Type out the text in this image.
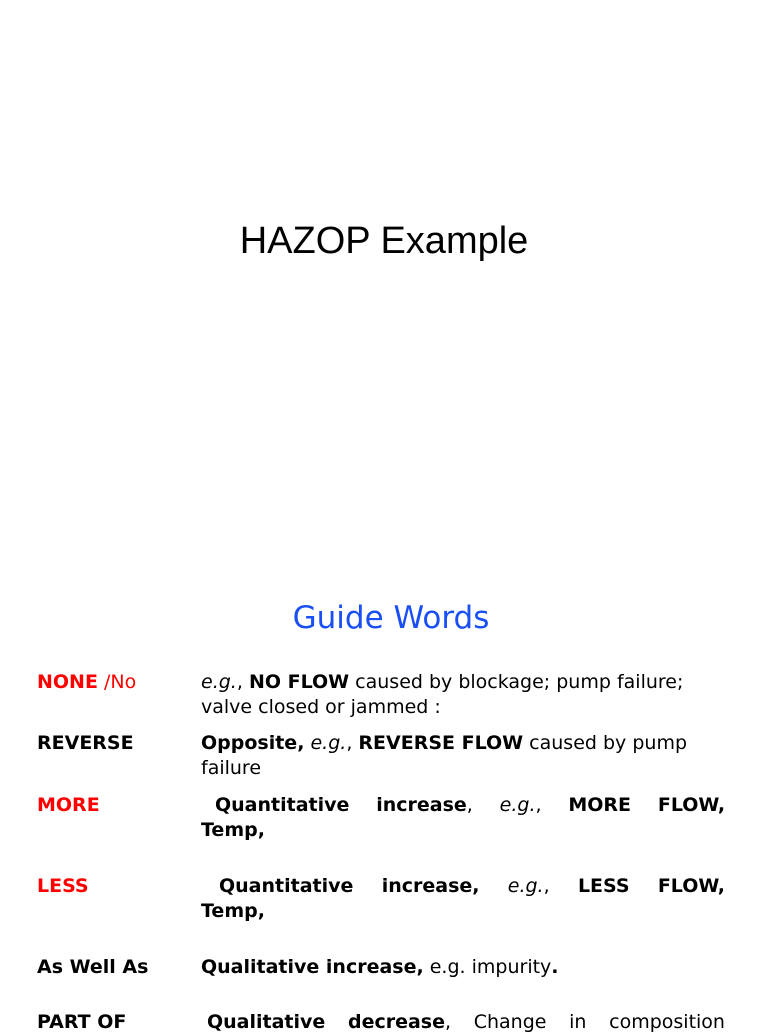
HAZOP Example
Guide Words
NONE /No	e.g., NO FLOW caused by blockage; pump failure; valve closed or jammed :
REVERSE	Opposite, e.g., REVERSE FLOW caused by pump failure
MORE	Quantitative increase, e.g., MORE FLOW,
Temp,
LESS	Quantitative increase, e.g., LESS FLOW,
Temp,
As Well As	Qualitative increase, e.g. impurity.
PART OF	Qualitative decrease, Change in composition
